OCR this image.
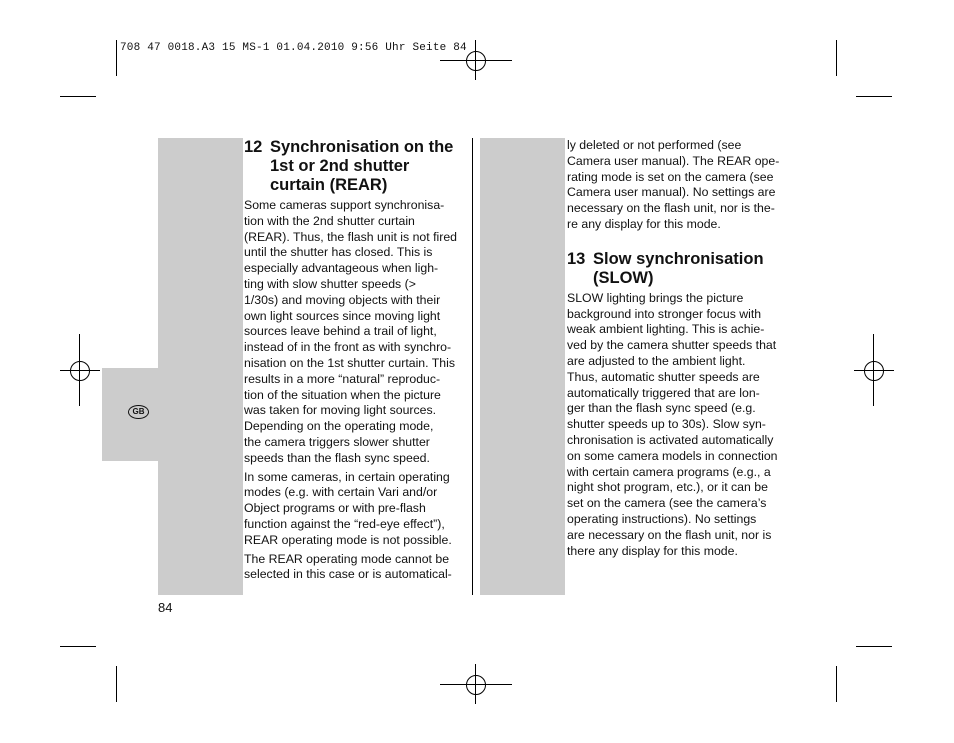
708 47 0018.A3 15 MS-1 01.04.2010 9:56 Uhr Seite 84
GB
12 Synchronisation on the
1st or 2nd shutter
curtain (REAR)
Some cameras support synchronisa-
tion with the 2nd shutter curtain
(REAR). Thus, the flash unit is not fired
until the shutter has closed. This is
especially advantageous when ligh-
ting with slow shutter speeds (>
1/30s) and moving objects with their
own light sources since moving light
sources leave behind a trail of light,
instead of in the front as with synchro-
nisation on the 1st shutter curtain. This
results in a more “natural” reproduc-
tion of the situation when the picture
was taken for moving light sources.
Depending on the operating mode,
the camera triggers slower shutter
speeds than the flash sync speed.
In some cameras, in certain operating
modes (e.g. with certain Vari and/or
Object programs or with pre-flash
function against the “red-eye effect”),
REAR operating mode is not possible.
The REAR operating mode cannot be
selected in this case or is automatical-
ly deleted or not performed (see
Camera user manual). The REAR ope-
rating mode is set on the camera (see
Camera user manual). No settings are
necessary on the flash unit, nor is the-
re any display for this mode.
13 Slow synchronisation
(SLOW)
SLOW lighting brings the picture
background into stronger focus with
weak ambient lighting. This is achie-
ved by the camera shutter speeds that
are adjusted to the ambient light.
Thus, automatic shutter speeds are
automatically triggered that are lon-
ger than the flash sync speed (e.g.
shutter speeds up to 30s). Slow syn-
chronisation is activated automatically
on some camera models in connection
with certain camera programs (e.g., a
night shot program, etc.), or it can be
set on the camera (see the camera’s
operating instructions). No settings
are necessary on the flash unit, nor is
there any display for this mode.
84
